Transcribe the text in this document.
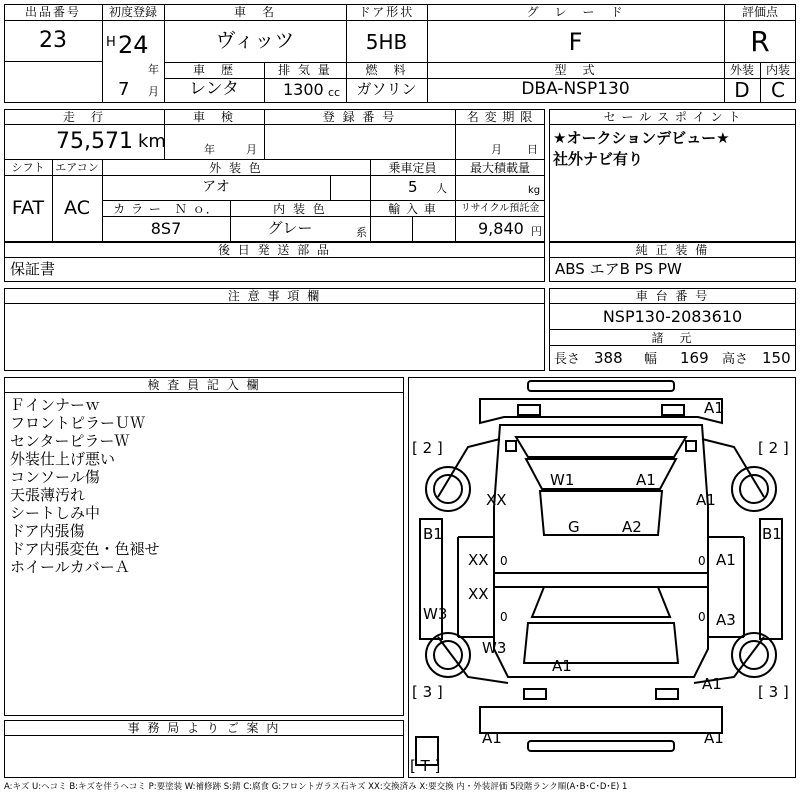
出品番号
23
初度登録
H 24
年
7 月
車　名
ヴィッツ
車　歴
レンタ
排 気 量
1300 cc
ドア形状
5HB
燃　料
ガソリン
グ　レ　ー　ド
F
型　式
DBA-NSP130
評価点
R
外装 内装
D	C
走　行
75,571 km
車　検
年	月
登 録 番 号	名 変 期 限
月 日
シフト
FAT
エアコン
AC
外 装 色
アオ
乗車定員
5 人
最大積載量
kg
カ ラ ー　Ｎ ｏ．
8S7
内 装 色
グレー	系
輸 入 車	リサイクル預託金
9,840 円
セ ー ル ス ポ イ ン ト
★オークションデビュー★
社外ナビ有り
後 日 発 送 部 品
保証書
純 正 装 備
ABS エアB PS PW
注 意 事 項 欄	車 台 番 号
NSP130-2083610
諸　元
長さ 388 幅 169 高さ 150
検 査 員 記 入 欄
Ｆインナーｗ
フロントピラーＵＷ
センターピラーＷ
外装仕上げ悪い
コンソール傷
天張薄汚れ
シートしみ中
ドア内張傷
ドア内張変色・色褪せ
ホイールカバーＡ
事 務 局 よ り ご 案 内
A1
W1	A1
XX	A1
G	A2
[ 2 ]	[ 2 ]
B1	B1
XX 0	0 A1
XX
0	0 A3
W3
W3
A1
A1
[ 3 ]	[ 3 ]
A1	A1
[ T ]
A:キズ U:ヘコミ B:キズを伴うヘコミ P:要塗装 W:補修跡 S:錆 C:腐食 G:フロントガラス石キズ XX:交換済み X:要交換 内・外装評価 5段階ランク順(A･B･C･D･E) 1
